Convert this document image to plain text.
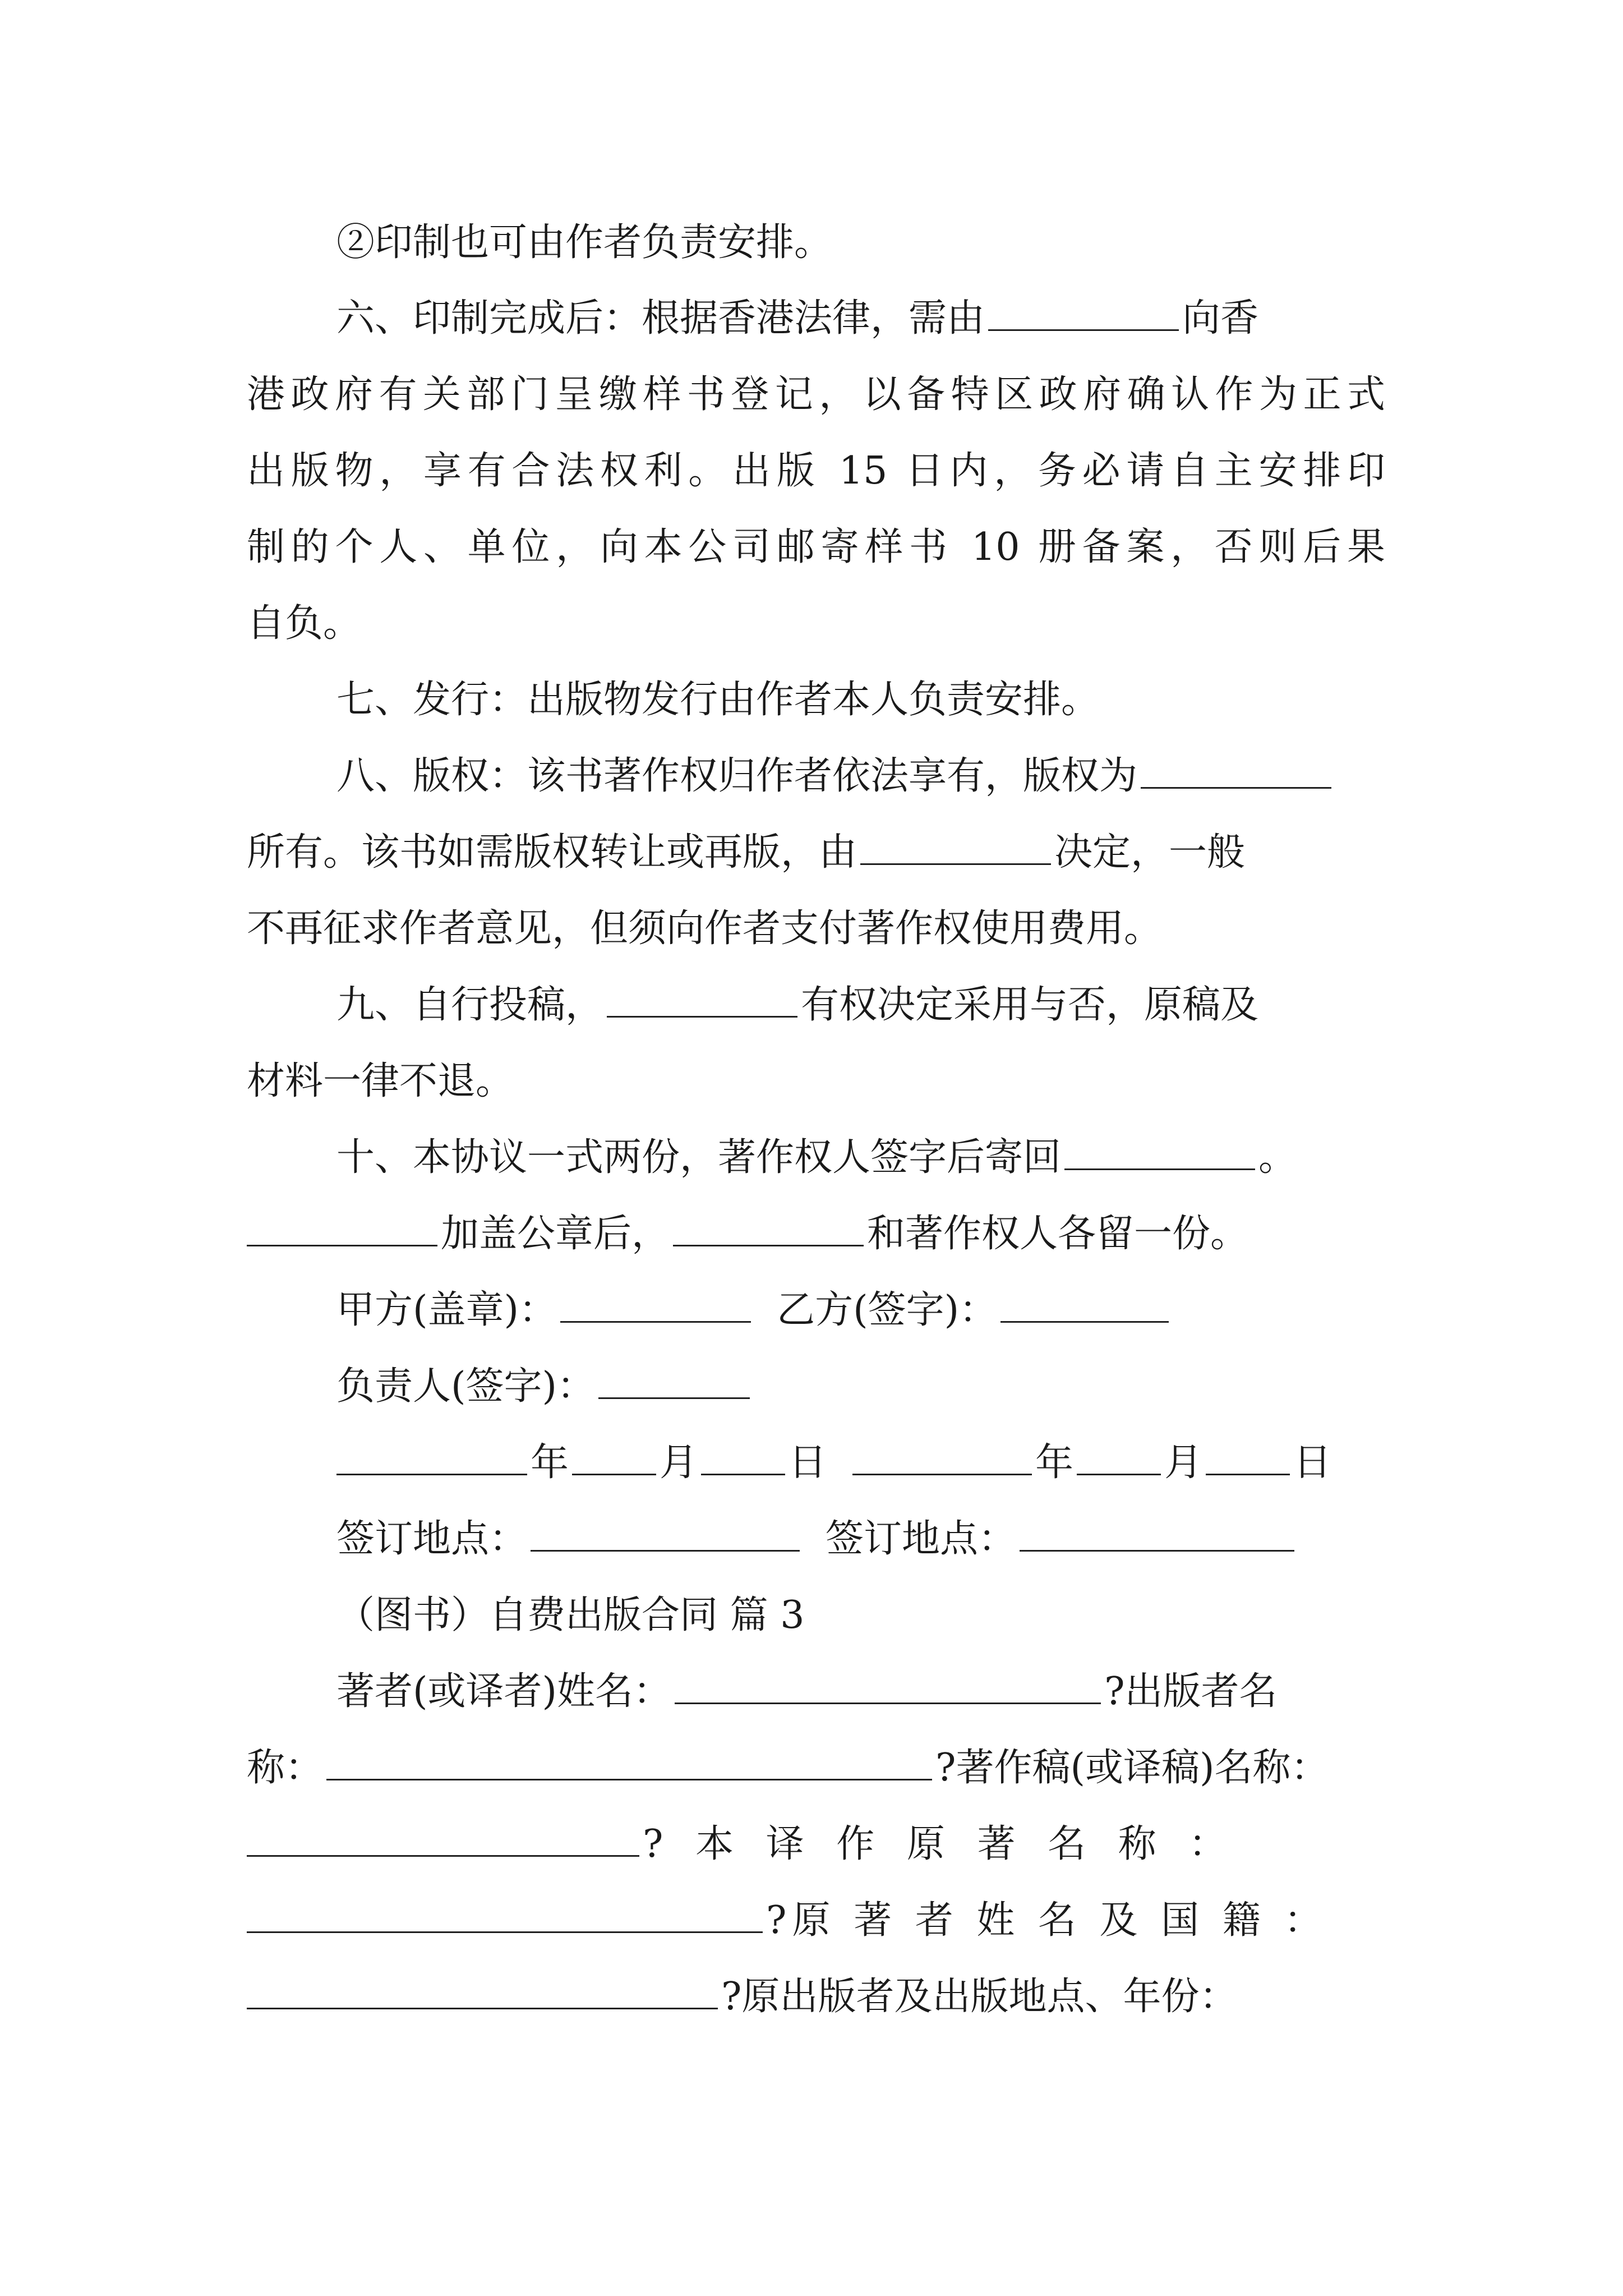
②印制也可由作者负责安排。
六、印制完成后：根据香港法律，需由	向香
港政府有关部门呈缴样书登记，以备特区政府确认作为正式
出版物，享有合法权利。出版 15 日内，务必请自主安排印
制的个人、单位，向本公司邮寄样书 10 册备案，否则后果
自负。
七、发行：出版物发行由作者本人负责安排。
八、版权：该书著作权归作者依法享有，版权为
所有。该书如需版权转让或再版，由	决定，一般
不再征求作者意见，但须向作者支付著作权使用费用。
九、自行投稿，	有权决定采用与否，原稿及
材料一律不退。
十、本协议一式两份，著作权人签字后寄回	。
加盖公章后，	和著作权人各留一份。
甲方(盖章)：	乙方(签字)：
负责人(签字)：
年 月 日	年 月 日
签订地点：	签订地点：
（图书）自费出版合同 篇 3
著者(或译者)姓名：	?出版者名
称：	?著作稿(或译稿)名称：
? 本 译 作 原 著 名 称 ：
?原 著 者 姓 名 及 国 籍 ：
?原出版者及出版地点、年份：
